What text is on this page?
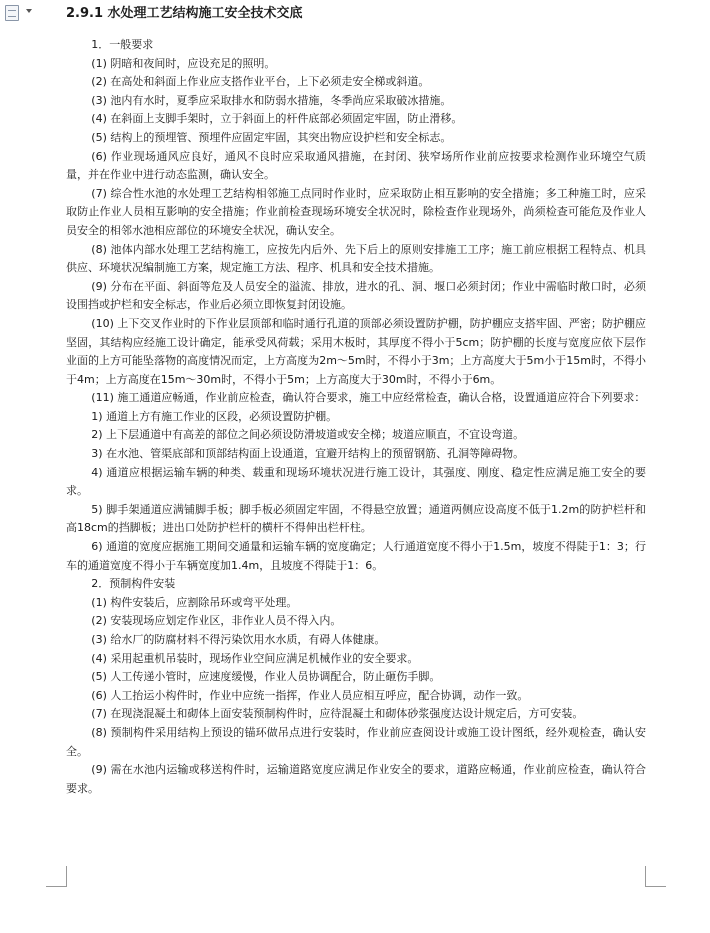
2.9.1 水处理工艺结构施工安全技术交底

1．一般要求

(1) 阴暗和夜间时，应设充足的照明。

(2) 在高处和斜面上作业应支搭作业平台，上下必须走安全梯或斜道。

(3) 池内有水时，夏季应采取排水和防弱水措施，冬季尚应采取破冰措施。

(4) 在斜面上支脚手架时，立于斜面上的杆件底部必须固定牢固，防止滑移。

(5) 结构上的预埋管、预埋件应固定牢固，其突出物应设护栏和安全标志。

(6) 作业现场通风应良好，通风不良时应采取通风措施，在封闭、狭窄场所作业前应按要求检测作业环境空气质量，并在作业中进行动态监测，确认安全。

(7) 综合性水池的水处理工艺结构相邻施工点同时作业时，应采取防止相互影响的安全措施；多工种施工时，应采取防止作业人员相互影响的安全措施；作业前检查现场环境安全状况时，除检查作业现场外，尚须检查可能危及作业人员安全的相邻水池相应部位的环境安全状况，确认安全。

(8) 池体内部水处理工艺结构施工，应按先内后外、先下后上的原则安排施工工序；施工前应根据工程特点、机具供应、环境状况编制施工方案，规定施工方法、程序、机具和安全技术措施。

(9) 分布在平面、斜面等危及人员安全的溢流、排放，进水的孔、洞、堰口必须封闭；作业中需临时敞口时，必须设围挡或护栏和安全标志，作业后必须立即恢复封闭设施。

(10) 上下交叉作业时的下作业层顶部和临时通行孔道的顶部必须设置防护棚，防护棚应支搭牢固、严密；防护棚应坚固，其结构应经施工设计确定，能承受风荷载；采用木板时，其厚度不得小于5cm；防护棚的长度与宽度应依下层作业面的上方可能坠落物的高度情况而定，上方高度为2m～5m时，不得小于3m；上方高度大于5m小于15m时，不得小于4m；上方高度在15m～30m时，不得小于5m；上方高度大于30m时，不得小于6m。

(11) 施工通道应畅通，作业前应检查，确认符合要求，施工中应经常检查，确认合格，设置通道应符合下列要求：

1) 通道上方有施工作业的区段，必须设置防护棚。

2) 上下层通道中有高差的部位之间必须设防滑坡道或安全梯；坡道应顺直，不宜设弯道。

3) 在水池、管渠底部和顶部结构面上设通道，宜避开结构上的预留钢筋、孔洞等障碍物。

4) 通道应根据运输车辆的种类、载重和现场环境状况进行施工设计，其强度、刚度、稳定性应满足施工安全的要求。

5) 脚手架通道应满铺脚手板；脚手板必须固定牢固，不得悬空放置；通道两侧应设高度不低于1.2m的防护栏杆和高18cm的挡脚板；进出口处防护栏杆的横杆不得伸出栏杆柱。

6) 通道的宽度应据施工期间交通量和运输车辆的宽度确定；人行通道宽度不得小于1.5m，坡度不得陡于1：3；行车的通道宽度不得小于车辆宽度加1.4m，且坡度不得陡于1：6。

2．预制构件安装

(1) 构件安装后，应割除吊环或弯平处理。

(2) 安装现场应划定作业区，非作业人员不得入内。

(3) 给水厂的防腐材料不得污染饮用水水质，有碍人体健康。

(4) 采用起重机吊装时，现场作业空间应满足机械作业的安全要求。

(5) 人工传递小管时，应速度缓慢，作业人员协调配合，防止砸伤手脚。

(6) 人工抬运小构件时，作业中应统一指挥，作业人员应相互呼应，配合协调，动作一致。

(7) 在现浇混凝土和砌体上面安装预制构件时，应待混凝土和砌体砂浆强度达设计规定后，方可安装。

(8) 预制构件采用结构上预设的锚环做吊点进行安装时，作业前应查阅设计或施工设计图纸，经外观检查，确认安全。

(9) 需在水池内运输或移送构件时，运输道路宽度应满足作业安全的要求，道路应畅通，作业前应检查，确认符合要求。
